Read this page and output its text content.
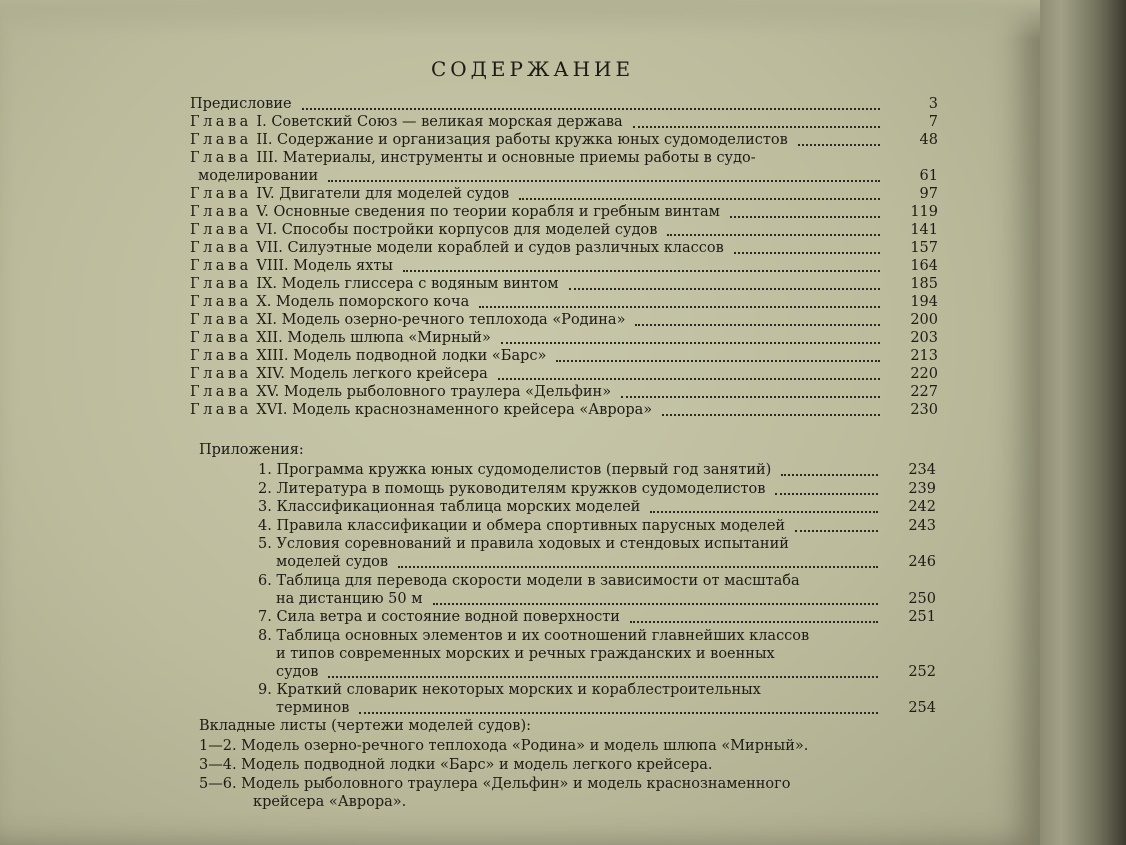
СОДЕРЖАНИЕ
Предисловие	3
Глава I. Советский Союз — великая морская держава	7
Глава II. Содержание и организация работы кружка юных судомоделистов	48
Глава III. Материалы, инструменты и основные приемы работы в судо-
моделировании	61
Глава IV. Двигатели для моделей судов	97
Глава V. Основные сведения по теории корабля и гребным винтам	119
Глава VI. Способы постройки корпусов для моделей судов	141
Глава VII. Силуэтные модели кораблей и судов различных классов	157
Глава VIII. Модель яхты	164
Глава IX. Модель глиссера с водяным винтом	185
Глава X. Модель поморского коча	194
Глава XI. Модель озерно-речного теплохода «Родина»	200
Глава XII. Модель шлюпа «Мирный»	203
Глава XIII. Модель подводной лодки «Барс»	213
Глава XIV. Модель легкого крейсера	220
Глава XV. Модель рыболовного траулера «Дельфин»	227
Глава XVI. Модель краснознаменного крейсера «Аврора»	230
Приложения:
1. Программа кружка юных судомоделистов (первый год занятий)	234
2. Литература в помощь руководителям кружков судомоделистов	239
3. Классификационная таблица морских моделей	242
4. Правила классификации и обмера спортивных парусных моделей	243
5. Условия соревнований и правила ходовых и стендовых испытаний
моделей судов	246
6. Таблица для перевода скорости модели в зависимости от масштаба
на дистанцию 50 м	250
7. Сила ветра и состояние водной поверхности	251
8. Таблица основных элементов и их соотношений главнейших классов
и типов современных морских и речных гражданских и военных
судов	252
9. Краткий словарик некоторых морских и кораблестроительных
терминов	254
Вкладные листы (чертежи моделей судов):
1—2. Модель озерно-речного теплохода «Родина» и модель шлюпа «Мирный».
3—4. Модель подводной лодки «Барс» и модель легкого крейсера.
5—6. Модель рыболовного траулера «Дельфин» и модель краснознаменного
крейсера «Аврора».
